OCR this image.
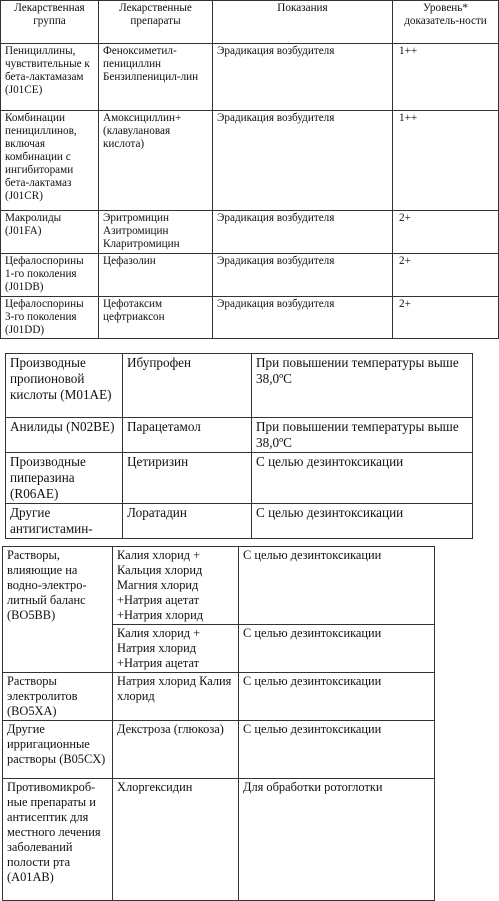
Лекарственная группа	Лекарственные препараты	Показания	Уровень* доказатель-ности
Пенициллины, чувствительные к бета-лактамазам (J01CE)	Феноксиметил-пенициллин Бензилпеницил-лин	Эрадикация возбудителя	1++
Комбинации пенициллинов, включая комбинации с ингибиторами бета-лактамаз (J01CR)	Амоксициллин+ (клавулановая кислота)	Эрадикация возбудителя	1++
Макролиды (J01FA)	Эритромицин Азитромицин Кларитромицин	Эрадикация возбудителя	2+
Цефалоспорины 1-го поколения (J01DB)	Цефазолин	Эрадикация возбудителя	2+
Цефалоспорины 3-го поколения (J01DD)	Цефотаксим цефтриаксон	Эрадикация возбудителя	2+
Производные пропионовой кислоты (M01AE)	Ибупрофен	При повышении температуры выше 38,0ºС
Анилиды (N02BE)	Парацетамол	При повышении температуры выше 38,0ºС
Производные пиперазина (R06AE)	Цетиризин	С целью дезинтоксикации
Другие антигистамин-	Лоратадин	С целью дезинтоксикации
Растворы, влияющие на водно-электро-литный баланс (BO5BB)	Калия хлорид + Кальция хлорид Магния хлорид +Натрия ацетат +Натрия хлорид	С целью дезинтоксикации
	Калия хлорид + Натрия хлорид +Натрия ацетат	С целью дезинтоксикации
Растворы электролитов (BO5XA)	Натрия хлорид Калия хлорид	С целью дезинтоксикации
Другие ирригационные растворы (B05CX)	Декстроза (глюкоза)	С целью дезинтоксикации
Противомикроб-ные препараты и антисептик для местного лечения заболеваний полости рта (A01AB)	Хлоргексидин	Для обработки ротоглотки
